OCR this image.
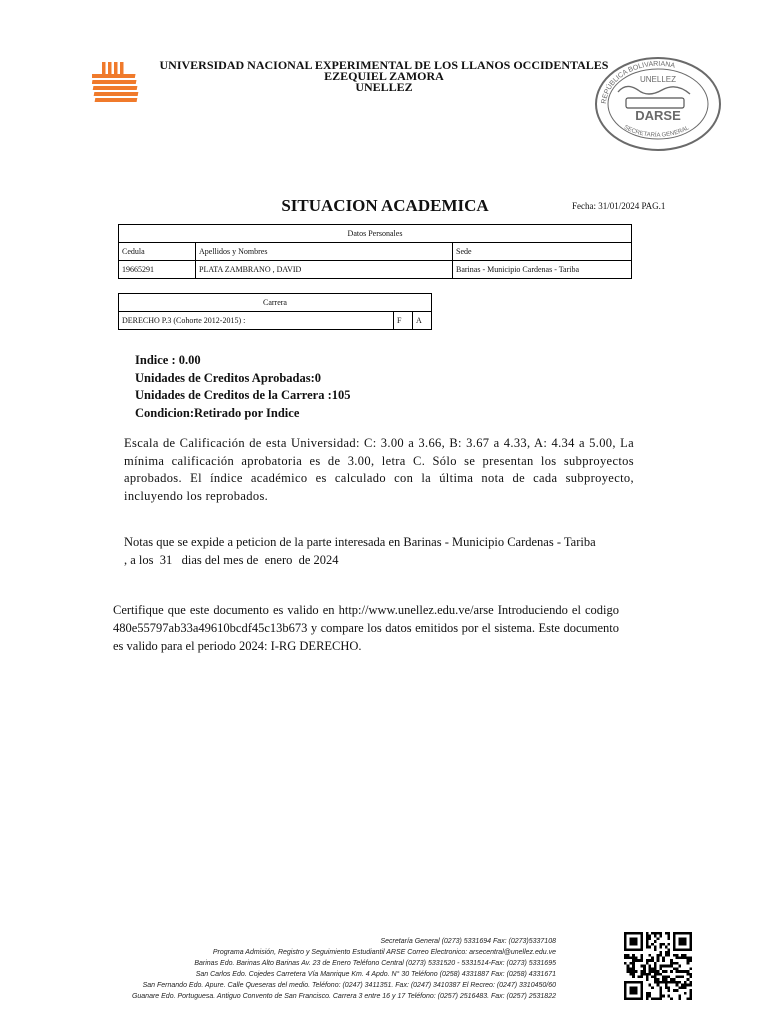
UNIVERSIDAD NACIONAL EXPERIMENTAL DE LOS LLANOS OCCIDENTALES
EZEQUIEL ZAMORA
UNELLEZ
REPÚBLICA BOLIVARIANA
SECRETARÍA GENERAL
UNELLEZ
DARSE
SITUACION ACADEMICA	Fecha: 31/01/2024 PAG.1
Datos Personales		
Cedula	Apellidos y Nombres	Sede
19665291	PLATA ZAMBRANO , DAVID	Barinas - Municipio Cardenas - Tariba
Carrera
DERECHO P.3 (Cohorte 2012-2015) :	F	A
Indice : 0.00
Unidades de Creditos Aprobadas:0
Unidades de Creditos de la Carrera :105
Condicion:Retirado por Indice
Escala de Calificación de esta Universidad: C: 3.00 a 3.66, B: 3.67 a 4.33, A: 4.34 a 5.00, La mínima calificación aprobatoria es de 3.00, letra C. Sólo se presentan los subproyectos aprobados. El índice académico es calculado con la última nota de cada subproyecto, incluyendo los reprobados.
Notas que se expide a peticion de la parte interesada en Barinas - Municipio Cardenas - Tariba
, a los  31   dias del mes de  enero  de 2024
Certifique que este documento es valido en http://www.unellez.edu.ve/arse Introduciendo el codigo 480e55797ab33a49610bcdf45c13b673 y compare los datos emitidos por el sistema. Este documento es valido para el periodo 2024: I-RG DERECHO.
Secretaría General (0273) 5331694 Fax: (0273)5337108
Programa Admisión, Registro y Seguimiento Estudiantil ARSE Correo Electronico: arsecentral@unellez.edu.ve
Barinas Edo. Barinas Alto Barinas Av. 23 de Enero Teléfono Central (0273) 5331520 - 5331514-Fax: (0273) 5331695
San Carlos Edo. Cojedes Carretera Vía Manrique Km. 4 Apdo. N° 30 Teléfono (0258) 4331887 Fax: (0258) 4331671
San Fernando Edo. Apure. Calle Queseras del medio. Teléfono: (0247) 3411351. Fax: (0247) 3410387 El Recreo: (0247) 3310450/60
Guanare Edo. Portuguesa. Antiguo Convento de San Francisco. Carrera 3 entre 16 y 17 Teléfono: (0257) 2516483. Fax: (0257) 2531822
